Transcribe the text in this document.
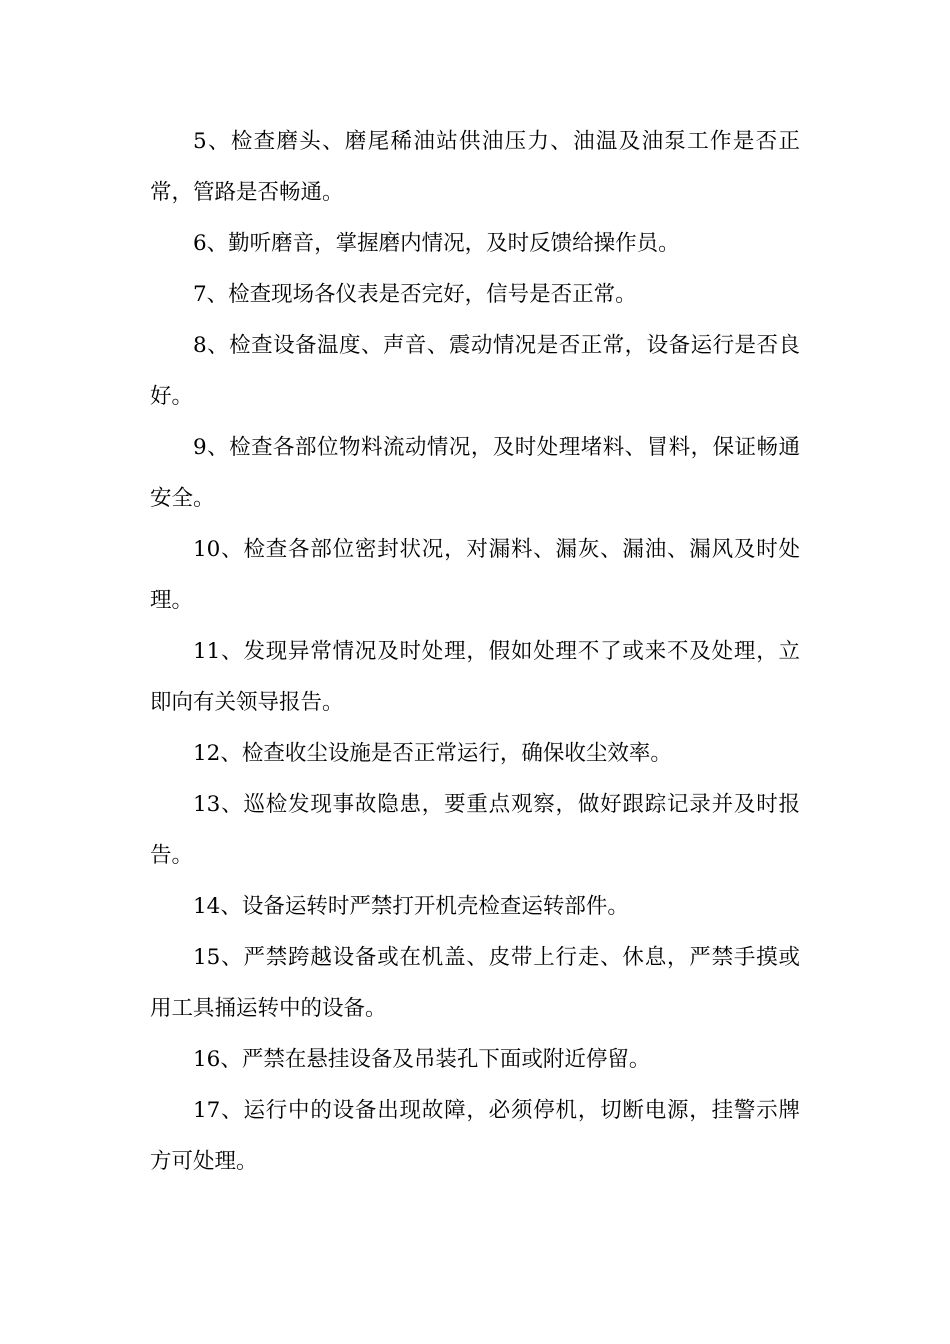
5、检查磨头、磨尾稀油站供油压力、油温及油泵工作是否正常，管路是否畅通。

6、勤听磨音，掌握磨内情况，及时反馈给操作员。

7、检查现场各仪表是否完好，信号是否正常。

8、检查设备温度、声音、震动情况是否正常，设备运行是否良好。

9、检查各部位物料流动情况，及时处理堵料、冒料，保证畅通安全。

10、检查各部位密封状况，对漏料、漏灰、漏油、漏风及时处理。

11、发现异常情况及时处理，假如处理不了或来不及处理，立即向有关领导报告。

12、检查收尘设施是否正常运行，确保收尘效率。

13、巡检发现事故隐患，要重点观察，做好跟踪记录并及时报告。

14、设备运转时严禁打开机壳检查运转部件。

15、严禁跨越设备或在机盖、皮带上行走、休息，严禁手摸或用工具捅运转中的设备。

16、严禁在悬挂设备及吊装孔下面或附近停留。

17、运行中的设备出现故障，必须停机，切断电源，挂警示牌方可处理。
